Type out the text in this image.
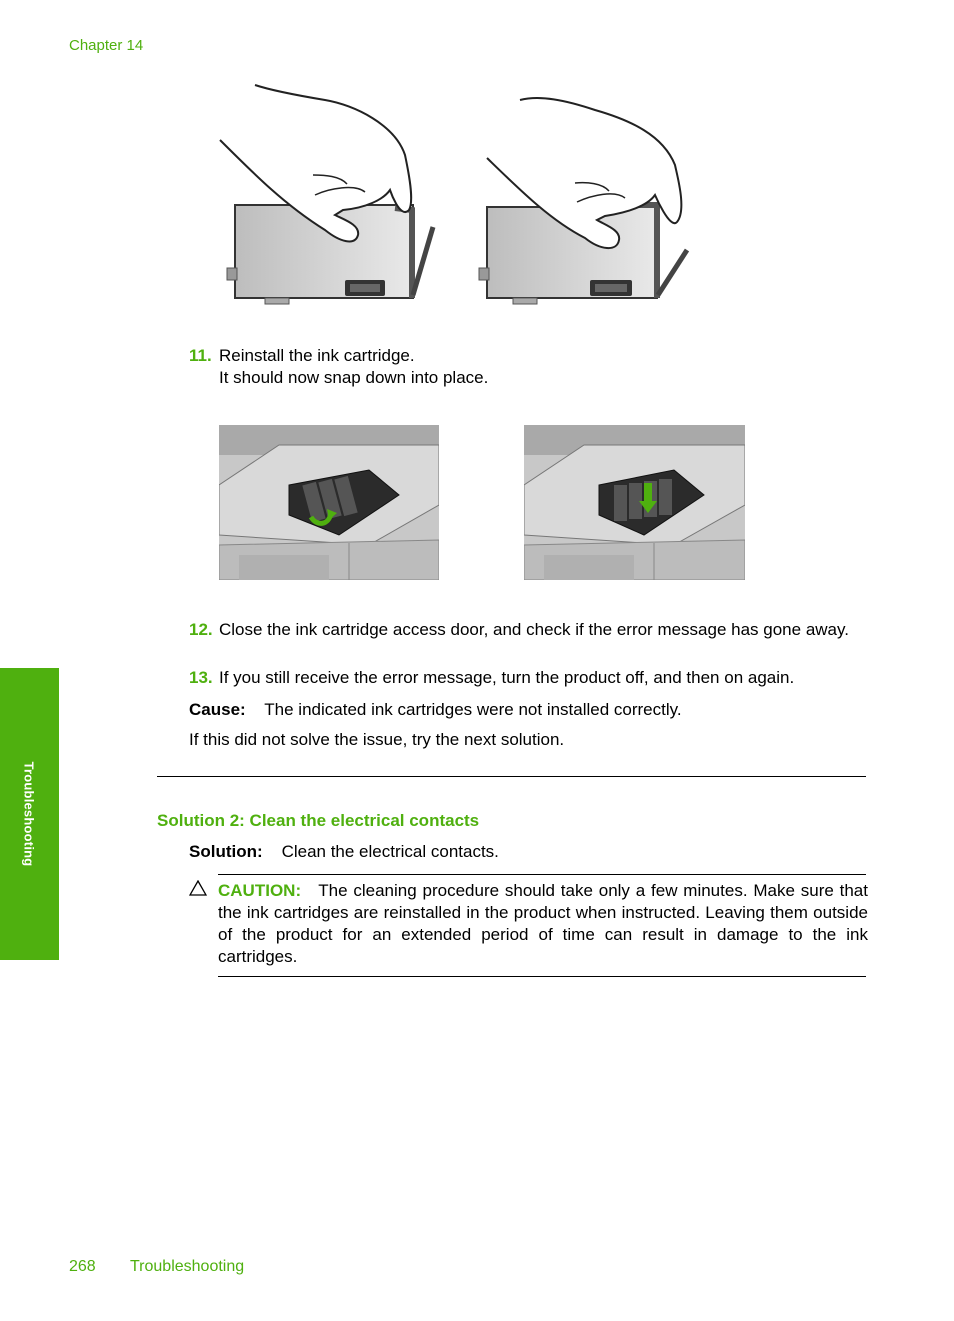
Chapter 14
Troubleshooting
11. Reinstall the ink cartridge.
It should now snap down into place.
12. Close the ink cartridge access door, and check if the error message has gone away.
13. If you still receive the error message, turn the product off, and then on again.
Cause: The indicated ink cartridges were not installed correctly.
If this did not solve the issue, try the next solution.
Solution 2: Clean the electrical contacts
Solution: Clean the electrical contacts.
CAUTION: The cleaning procedure should take only a few minutes. Make sure that the ink cartridges are reinstalled in the product when instructed. Leaving them outside of the product for an extended period of time can result in damage to the ink cartridges.
268 Troubleshooting
